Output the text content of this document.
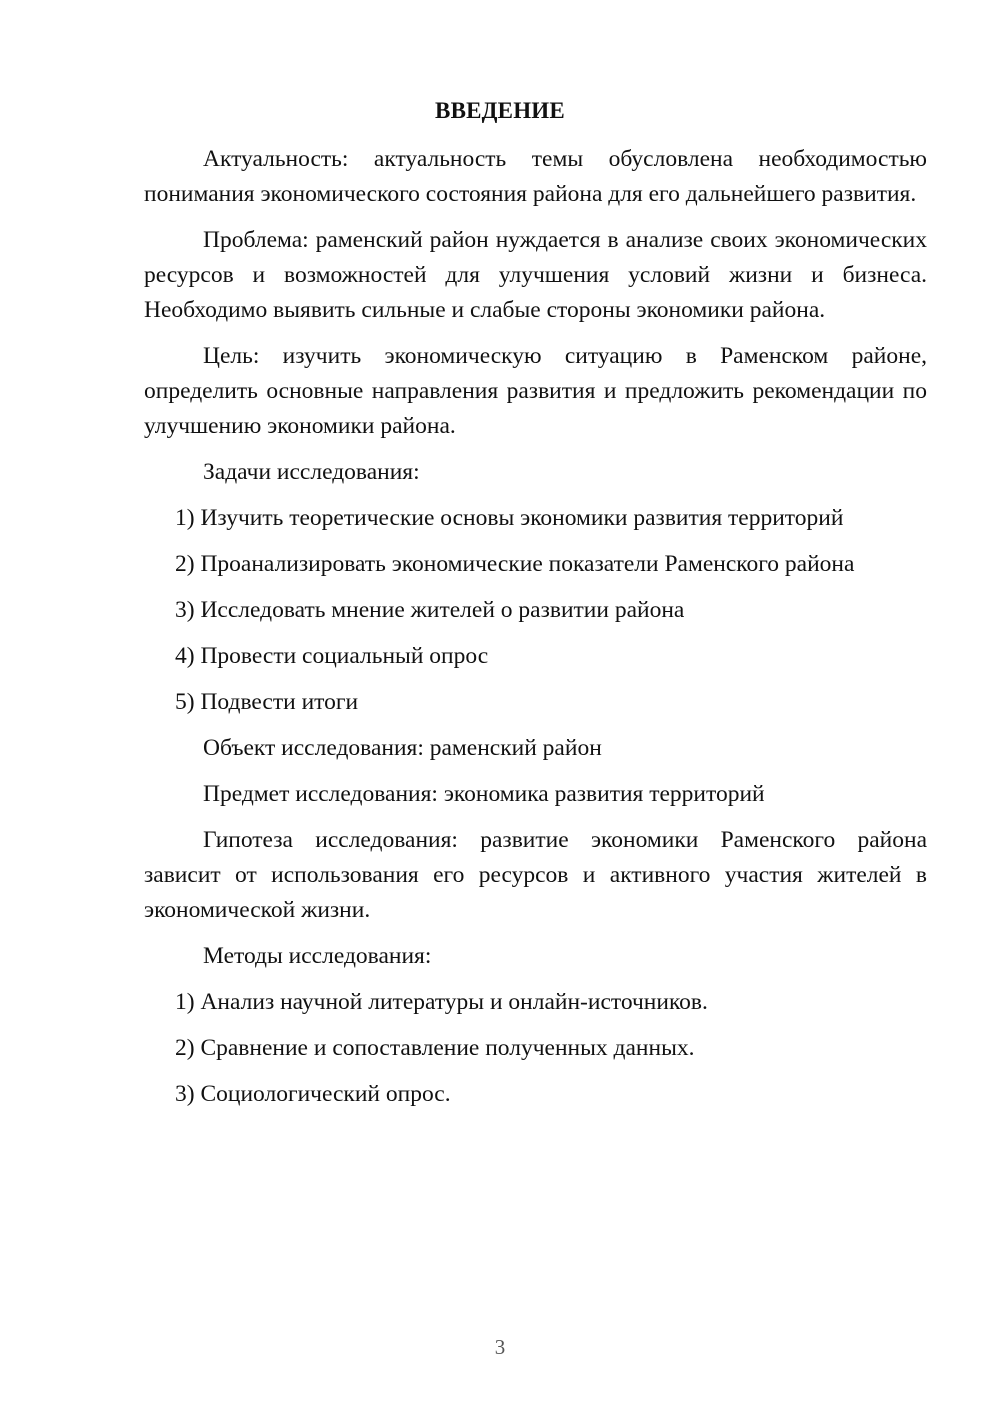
ВВЕДЕНИЕ

Актуальность: актуальность темы обусловлена необходимостью понимания экономического состояния района для его дальнейшего развития.

Проблема: раменский район нуждается в анализе своих экономических ресурсов и возможностей для улучшения условий жизни и бизнеса. Необходимо выявить сильные и слабые стороны экономики района.

Цель: изучить экономическую ситуацию в Раменском районе, определить основные направления развития и предложить рекомендации по улучшению экономики района.

Задачи исследования:

1) Изучить теоретические основы экономики развития территорий
2) Проанализировать экономические показатели Раменского района
3) Исследовать мнение жителей о развитии района
4) Провести социальный опрос
5) Подвести итоги

Объект исследования: раменский район

Предмет исследования: экономика развития территорий

Гипотеза исследования: развитие экономики Раменского района зависит от использования его ресурсов и активного участия жителей в экономической жизни.

Методы исследования:

1) Анализ научной литературы и онлайн-источников.
2) Сравнение и сопоставление полученных данных.
3) Социологический опрос.
3
